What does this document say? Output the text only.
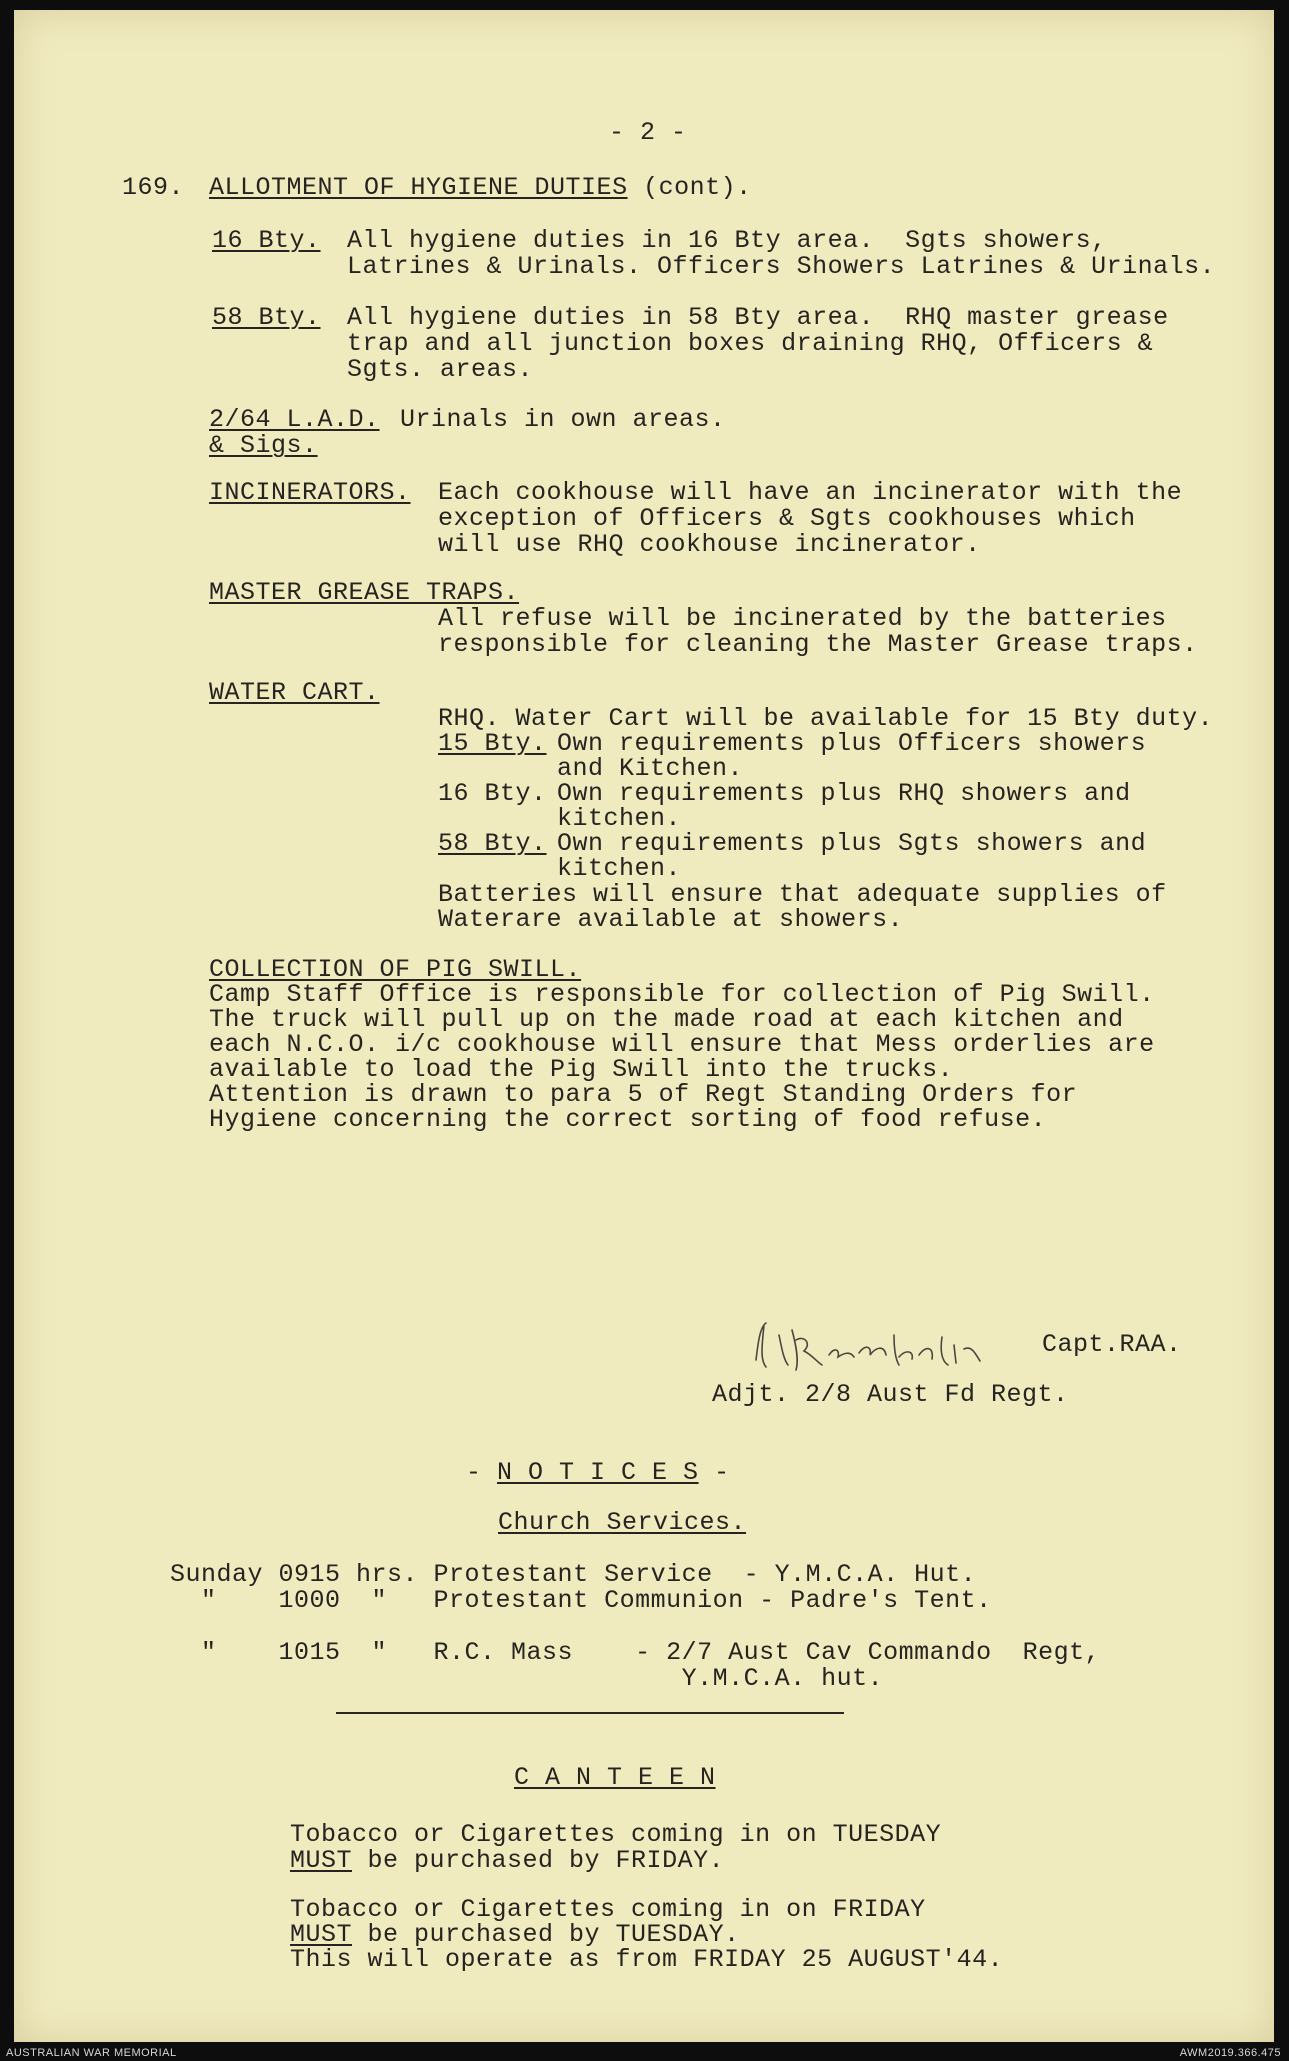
- 2 -
169. ALLOTMENT OF HYGIENE DUTIES (cont).
16 Bty. All hygiene duties in 16 Bty area.  Sgts showers,
Latrines & Urinals. Officers Showers Latrines & Urinals.
58 Bty. All hygiene duties in 58 Bty area.  RHQ master grease
trap and all junction boxes draining RHQ, Officers &
Sgts. areas.
2/64 L.A.D. Urinals in own areas.
& Sigs.
INCINERATORS. Each cookhouse will have an incinerator with the
exception of Officers & Sgts cookhouses which
will use RHQ cookhouse incinerator.
MASTER GREASE TRAPS.
All refuse will be incinerated by the batteries
responsible for cleaning the Master Grease traps.
WATER CART.
RHQ. Water Cart will be available for 15 Bty duty.
15 Bty. Own requirements plus Officers showers
and Kitchen.
16 Bty. Own requirements plus RHQ showers and
kitchen.
58 Bty. Own requirements plus Sgts showers and
kitchen.
Batteries will ensure that adequate supplies of
Waterare available at showers.
COLLECTION OF PIG SWILL.
Camp Staff Office is responsible for collection of Pig Swill.
The truck will pull up on the made road at each kitchen and
each N.C.O. i/c cookhouse will ensure that Mess orderlies are
available to load the Pig Swill into the trucks.
Attention is drawn to para 5 of Regt Standing Orders for
Hygiene concerning the correct sorting of food refuse.
Capt.RAA.
Adjt. 2/8 Aust Fd Regt.
- N O T I C E S -
Church Services.
Sunday 0915 hrs. Protestant Service  - Y.M.C.A. Hut.
"    1000  "   Protestant Communion - Padre's Tent.
"    1015  "   R.C. Mass    - 2/7 Aust Cav Commando  Regt,
Y.M.C.A. hut.
C A N T E E N
Tobacco or Cigarettes coming in on TUESDAY
MUST be purchased by FRIDAY.
Tobacco or Cigarettes coming in on FRIDAY
MUST be purchased by TUESDAY.
This will operate as from FRIDAY 25 AUGUST'44.
AUSTRALIAN WAR MEMORIAL	AWM2019.366.475
